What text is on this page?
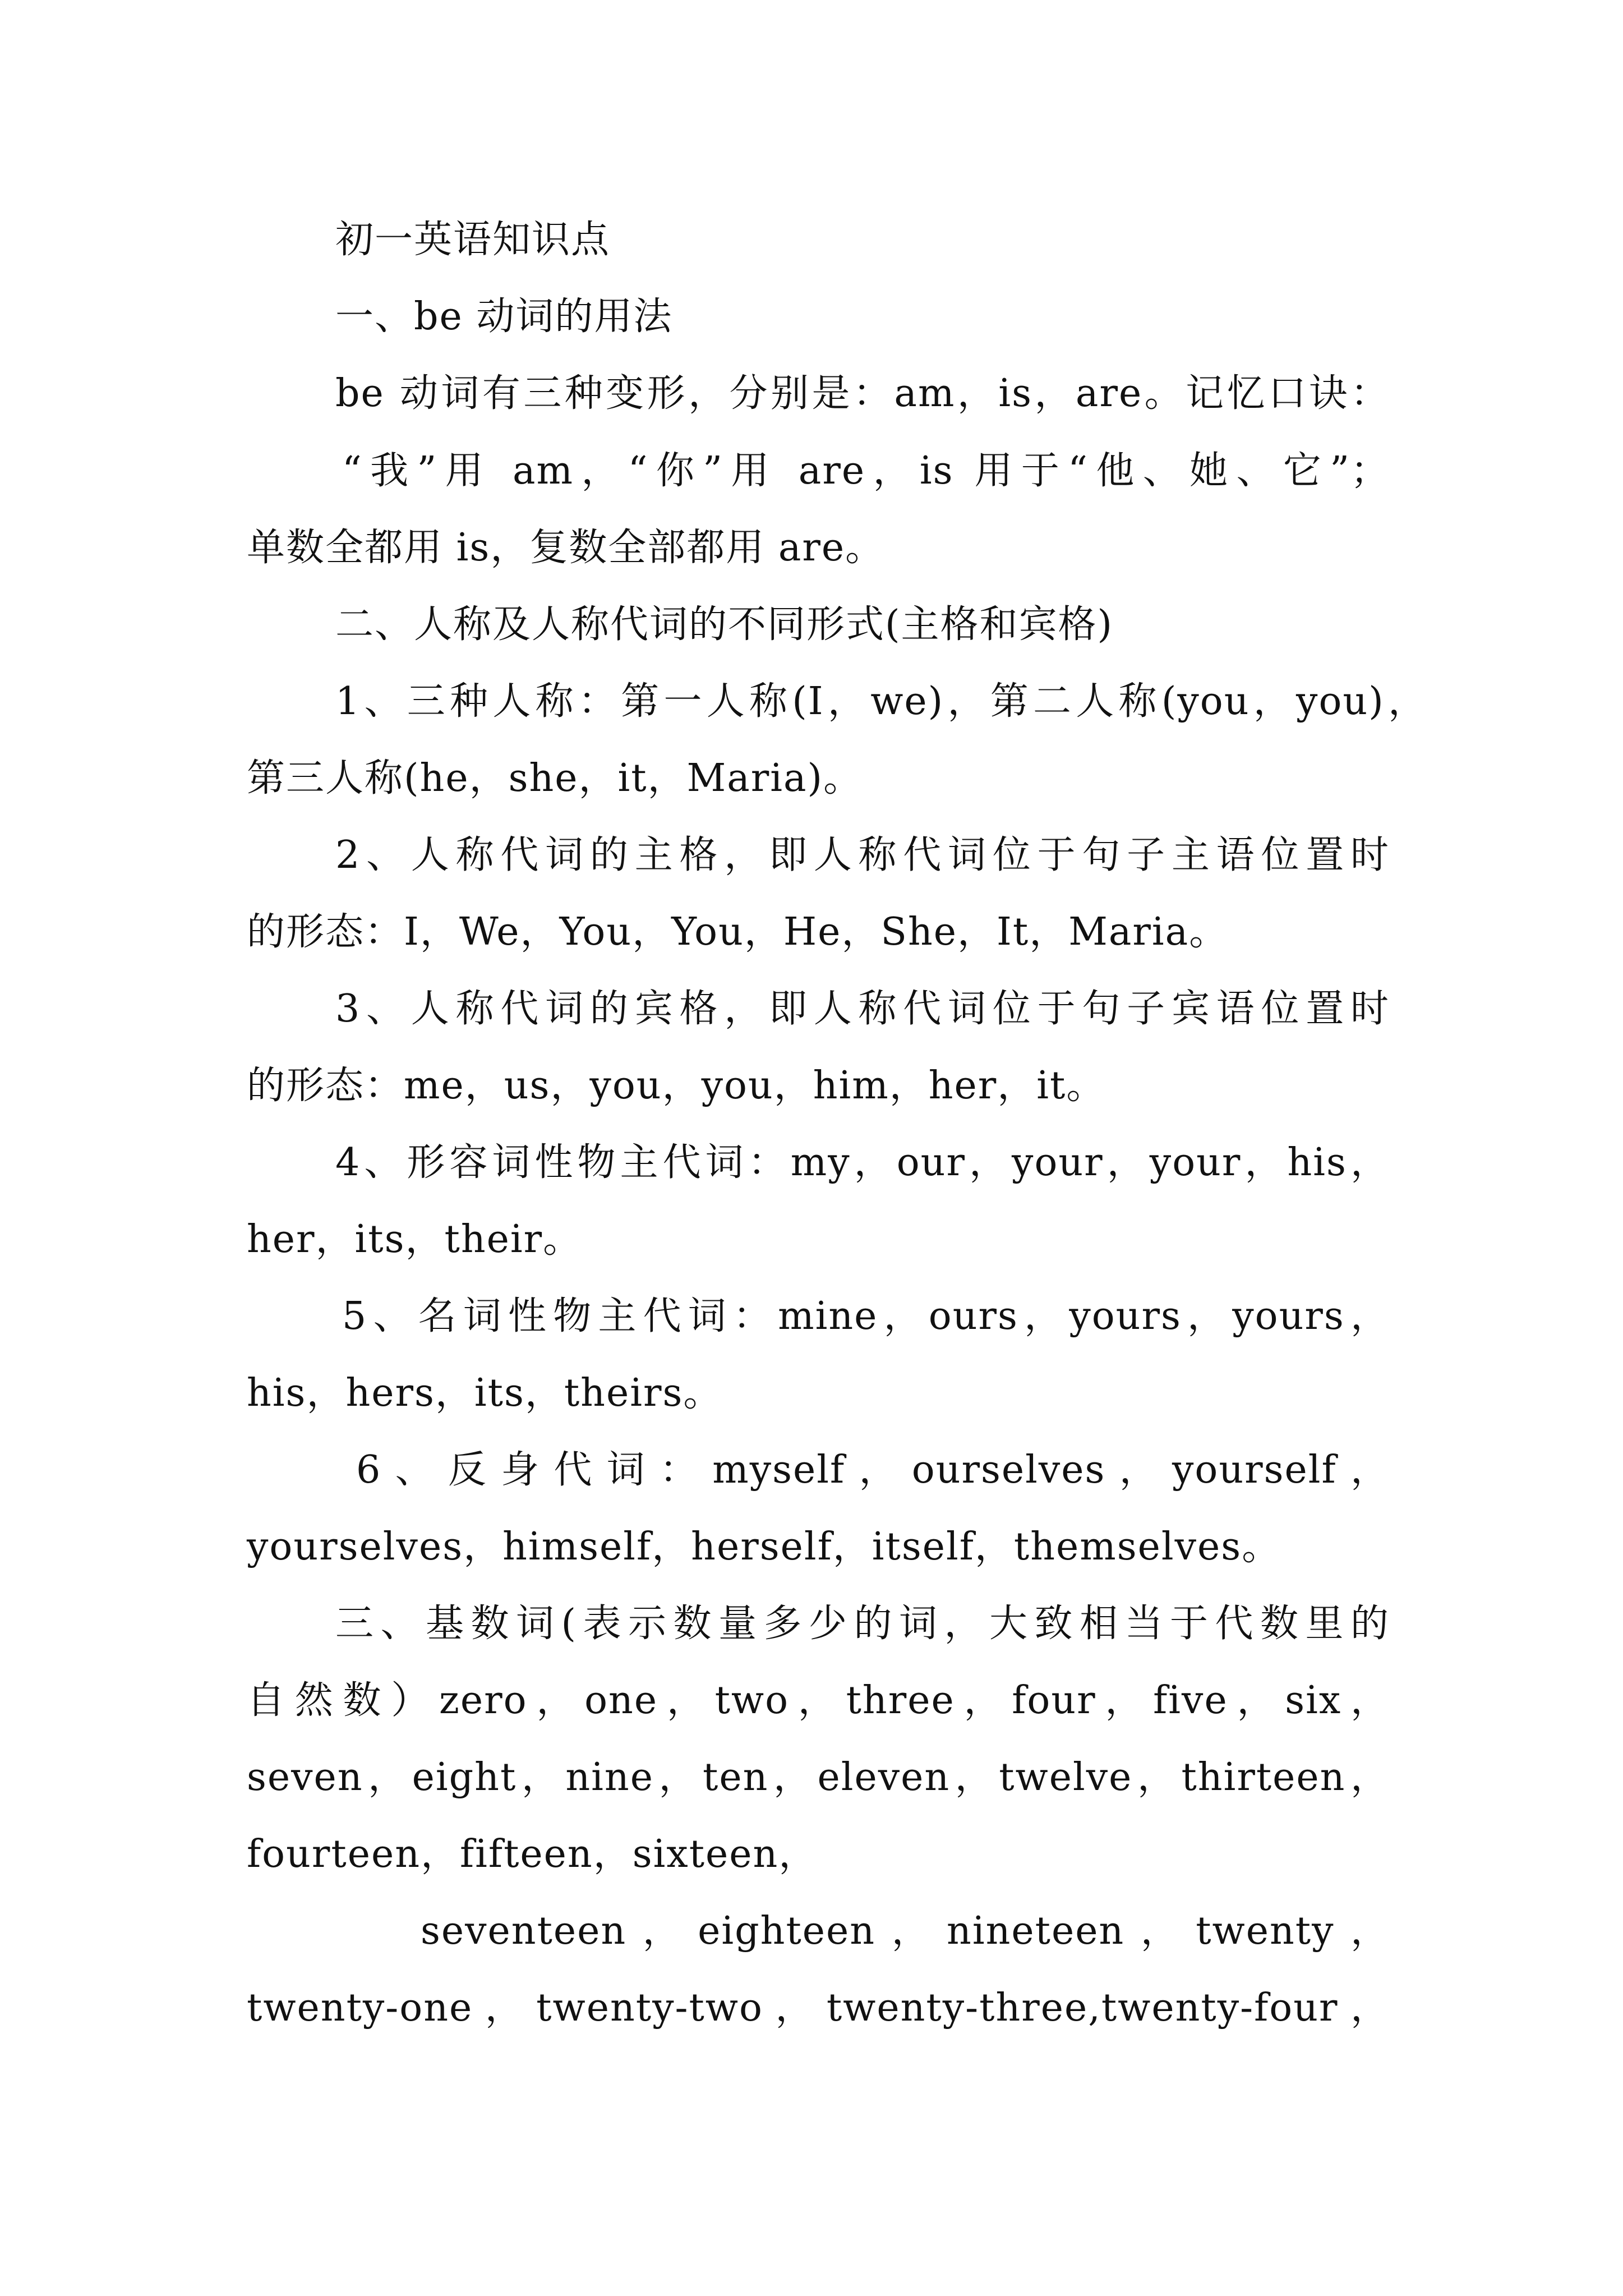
初一英语知识点
一、be 动词的用法
be 动词有三种变形，分别是：am，is，are。记忆口诀：
“我”用 am，“你”用 are，is 用于“他、她、它”；
单数全都用 is，复数全部都用 are。
二、人称及人称代词的不同形式(主格和宾格)
1、三种人称：第一人称(I，we)，第二人称(you，you)，
第三人称(he，she，it，Maria)。
2、人称代词的主格，即人称代词位于句子主语位置时
的形态：I，We，You，You，He，She，It，Maria。
3、人称代词的宾格，即人称代词位于句子宾语位置时
的形态：me，us，you，you，him，her，it。
4、形容词性物主代词：my，our，your，your，his，
her，its，their。
5、名词性物主代词：mine，ours，yours，yours，
his，hers，its，theirs。
6、反身代词：myself，ourselves，yourself，
yourselves，himself，herself，itself，themselves。
三、基数词(表示数量多少的词，大致相当于代数里的
自然数）zero，one，two，three，four，five，six，
seven，eight，nine，ten，eleven，twelve，thirteen，
fourteen，fifteen，sixteen，
seventeen，eighteen，nineteen，twenty，
twenty-one，twenty-two，twenty-three,twenty-four，
